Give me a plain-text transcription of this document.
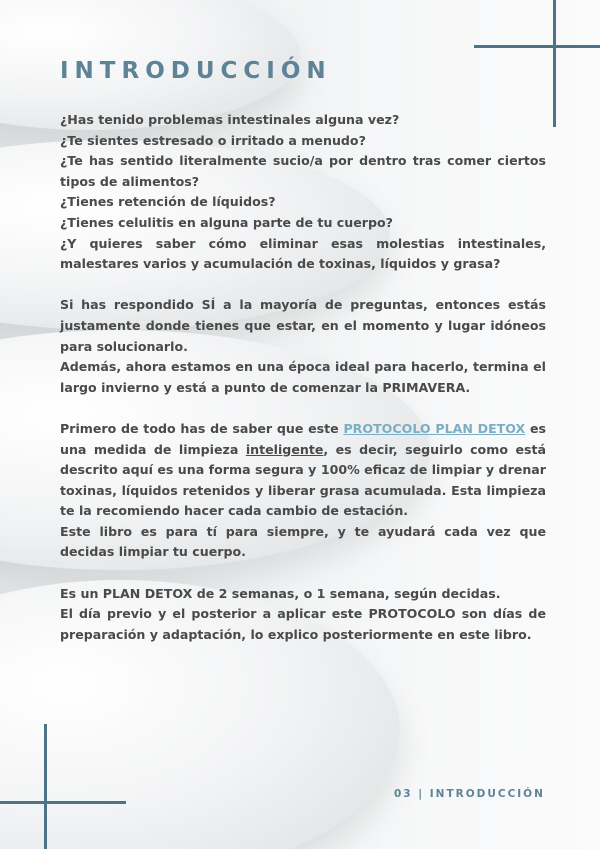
INTRODUCCIÓN

¿Has tenido problemas intestinales alguna vez?

¿Te sientes estresado o irritado a menudo?

¿Te has sentido literalmente sucio/a por dentro tras comer ciertos tipos de alimentos?

¿Tienes retención de líquidos?

¿Tienes celulitis en alguna parte de tu cuerpo?

¿Y quieres saber cómo eliminar esas molestias intestinales, malestares varios y acumulación de toxinas, líquidos y grasa?

Si has respondido SÍ a la mayoría de preguntas, entonces estás justamente donde tienes que estar, en el momento y lugar idóneos para solucionarlo.

Además, ahora estamos en una época ideal para hacerlo, termina el largo invierno y está a punto de comenzar la PRIMAVERA.

Primero de todo has de saber que este PROTOCOLO PLAN DETOX es una medida de limpieza inteligente, es decir, seguirlo como está descrito aquí es una forma segura y 100% eficaz de limpiar y drenar toxinas, líquidos retenidos y liberar grasa acumulada. Esta limpieza te la recomiendo hacer cada cambio de estación.

Este libro es para tí para siempre, y te ayudará cada vez que decidas limpiar tu cuerpo.

Es un PLAN DETOX de 2 semanas, o 1 semana, según decidas.

El día previo y el posterior a aplicar este PROTOCOLO son días de preparación y adaptación, lo explico posteriormente en este libro.

03 | INTRODUCCIÓN
